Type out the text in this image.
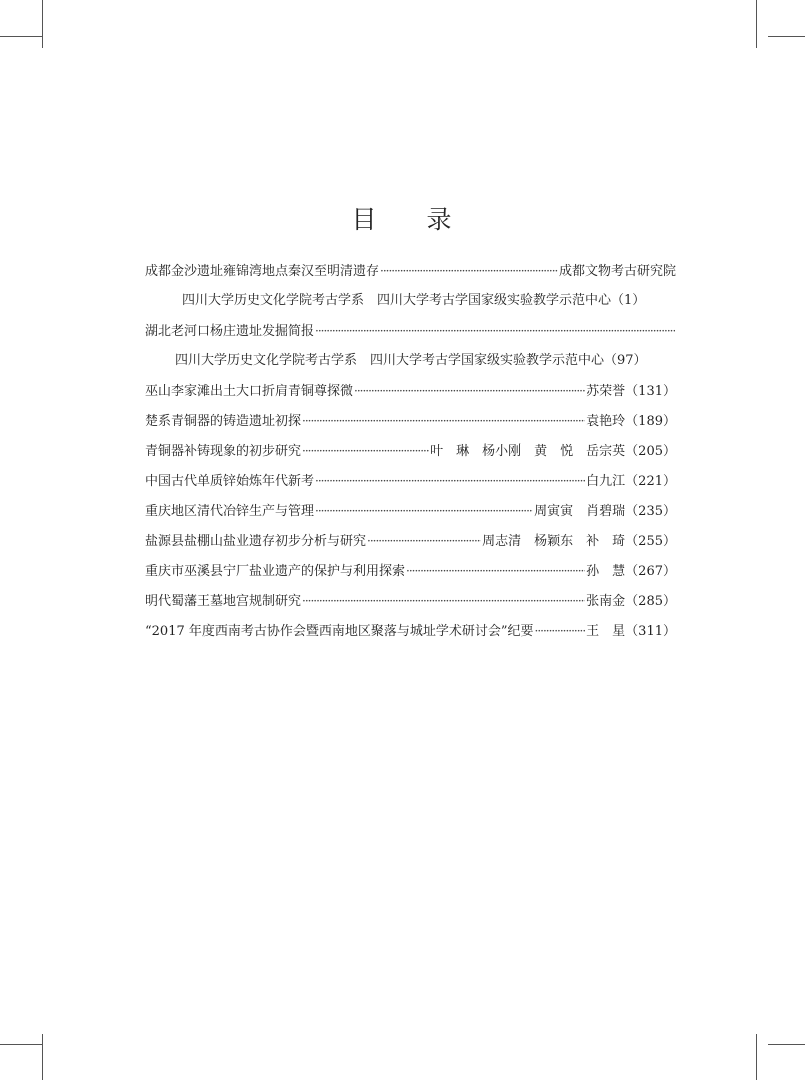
目 录
成都金沙遗址雍锦湾地点秦汉至明清遗存 ·····	成都文物考古研究院
四川大学历史文化学院考古学系　四川大学考古学国家级实验教学示范中心 （1）
湖北老河口杨庄遗址发掘简报
·····
四川大学历史文化学院考古学系　四川大学考古学国家级实验教学示范中心 （97）
巫山李家滩出土大口折肩青铜尊探微 ·····	苏荣誉 （131）
楚系青铜器的铸造遗址初探 ·····	袁艳玲 （189）
青铜器补铸现象的初步研究 ·····	叶　琳　杨小刚　黄　悦　岳宗英 （205）
中国古代单质锌始炼年代新考 ·····	白九江 （221）
重庆地区清代冶锌生产与管理 ·····	周寅寅　肖碧瑞 （235）
盐源县盐棚山盐业遗存初步分析与研究 ·····	周志清　杨颖东　补　琦 （255）
重庆市巫溪县宁厂盐业遗产的保护与利用探索 ·····	孙　慧 （267）
明代蜀藩王墓地宫规制研究 ·····	张南金 （285）
“2017 年度西南考古协作会暨西南地区聚落与城址学术研讨会”纪要 ·····	王　星 （311）
